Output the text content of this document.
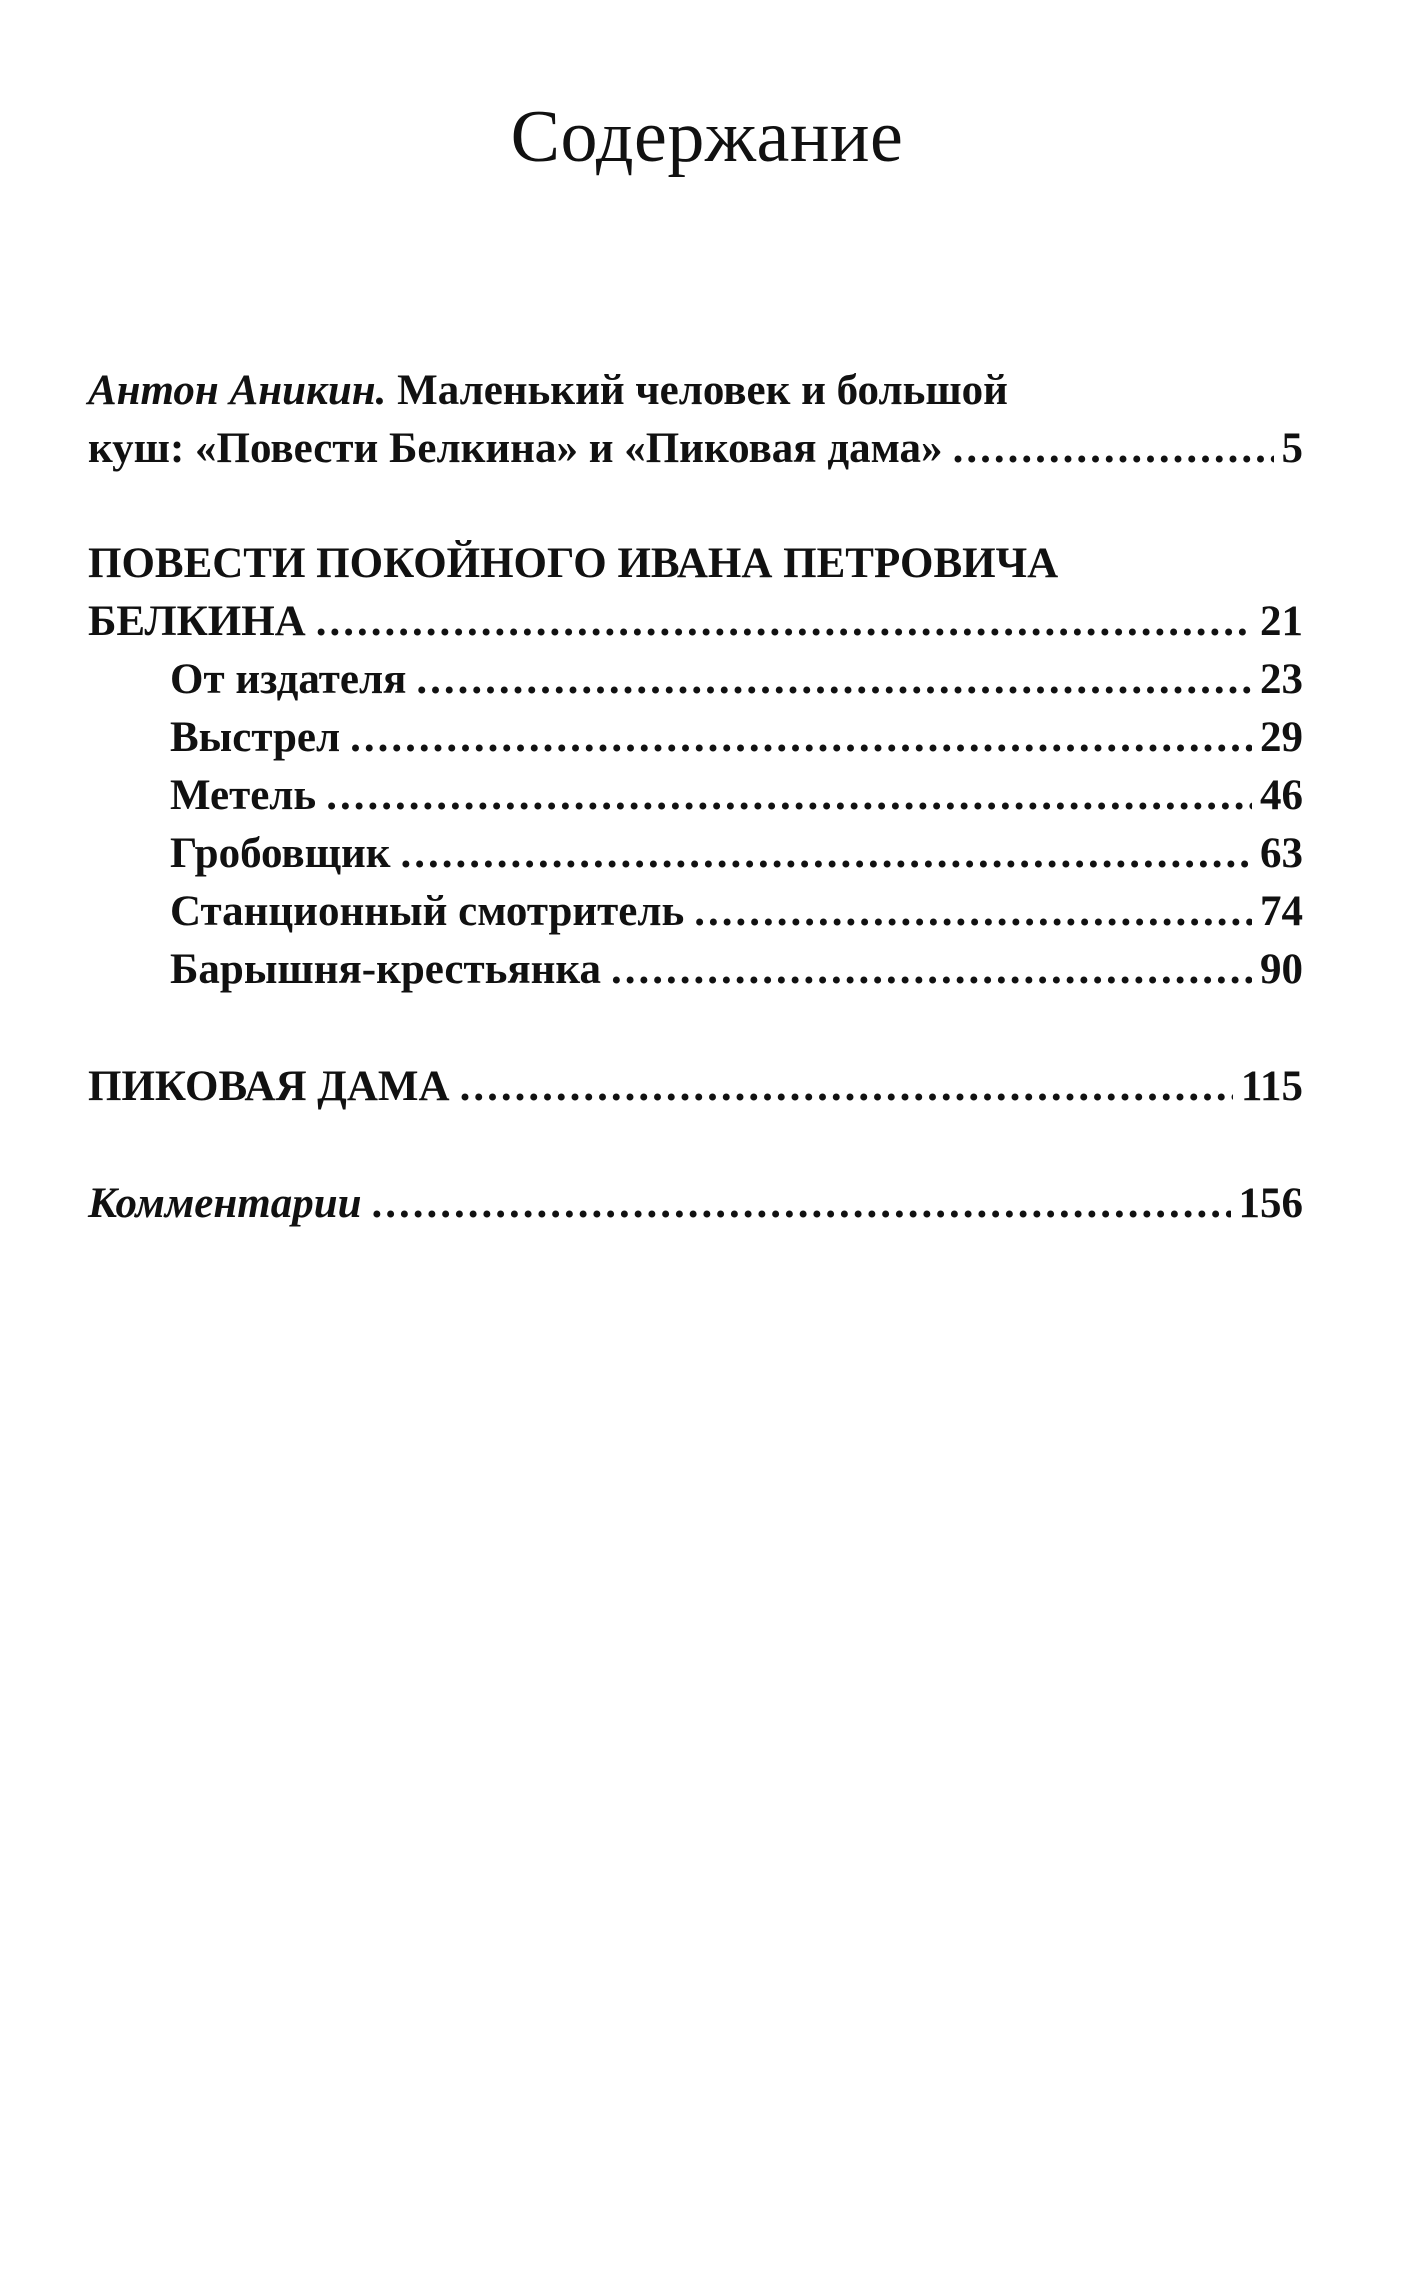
Содержание
Антон Аникин. Маленький человек и большой
куш: «Повести Белкина» и «Пиковая дама» .....	5
ПОВЕСТИ ПОКОЙНОГО ИВАНА ПЕТРОВИЧА
БЕЛКИНА .....	21
От издателя .....	23
Выстрел .....	29
Метель .....	46
Гробовщик .....	63
Станционный смотритель .....	74
Барышня-крестьянка .....	90
ПИКОВАЯ ДАМА .....	115
Комментарии .....	156
